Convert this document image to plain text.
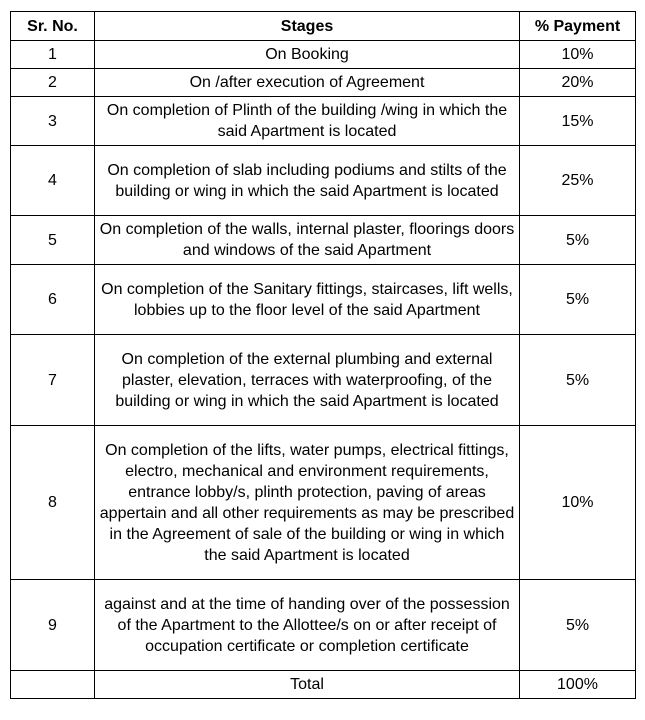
Sr. No.	Stages	% Payment
1	On Booking	10%
2	On /after execution of Agreement	20%
3	On completion of Plinth of the building /wing in which the said Apartment is located	15%
4	On completion of slab including podiums and stilts of the building or wing in which the said Apartment is located	25%
5	On completion of the walls, internal plaster, floorings doors and windows of the said Apartment	5%
6	On completion of the Sanitary fittings, staircases, lift wells, lobbies up to the floor level of the said Apartment	5%
7	On completion of the external plumbing and external plaster, elevation, terraces with waterproofing, of the building or wing in which the said Apartment is located	5%
8	On completion of the lifts, water pumps, electrical fittings, electro, mechanical and environment requirements, entrance lobby/s, plinth protection, paving of areas appertain and all other requirements as may be prescribed in the Agreement of sale of the building or wing in which the said Apartment is located	10%
9	against and at the time of handing over of the possession of the Apartment to the Allottee/s on or after receipt of occupation certificate or completion certificate	5%
	Total	100%
